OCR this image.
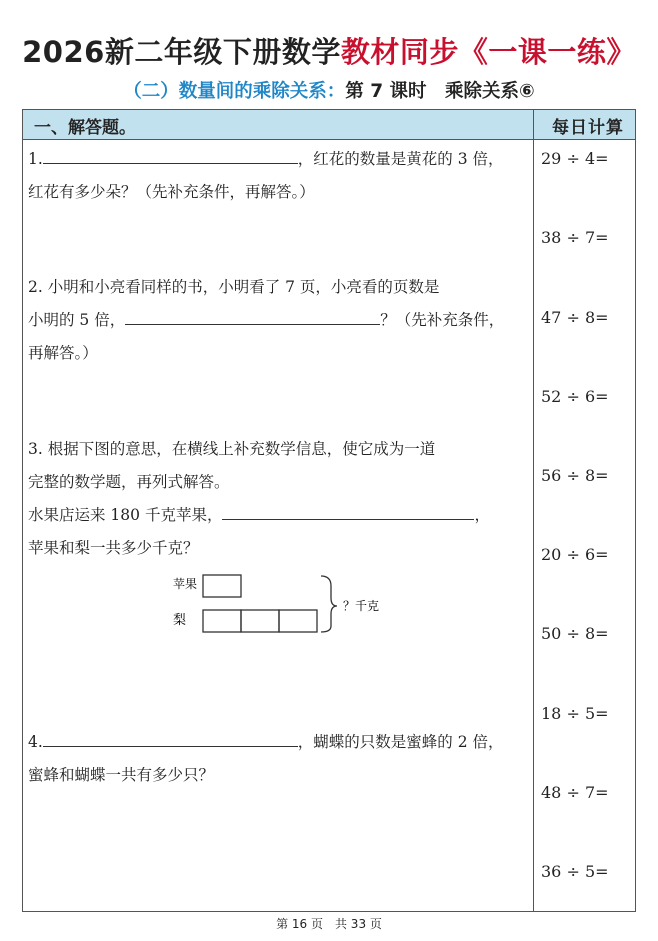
2026新二年级下册数学教材同步《一课一练》
（二）数量间的乘除关系：第 7 课时　乘除关系⑥
一、解答题。	每日计算
1.	，红花的数量是黄花的 3 倍，
红花有多少朵？（先补充条件，再解答。）
2. 小明和小亮看同样的书，小明看了 7 页，小亮看的页数是
小明的 5 倍，	？（先补充条件，
再解答。）
3. 根据下图的意思，在横线上补充数学信息，使它成为一道
完整的数学题，再列式解答。
水果店运来 180 千克苹果，	，
苹果和梨一共多少千克？
苹果
梨
？千克
4.	，蝴蝶的只数是蜜蜂的 2 倍，
蜜蜂和蝴蝶一共有多少只？
29 ÷ 4=
38 ÷ 7=
47 ÷ 8=
52 ÷ 6=
56 ÷ 8=
20 ÷ 6=
50 ÷ 8=
18 ÷ 5=
48 ÷ 7=
36 ÷ 5=
第 16 页　共 33 页
